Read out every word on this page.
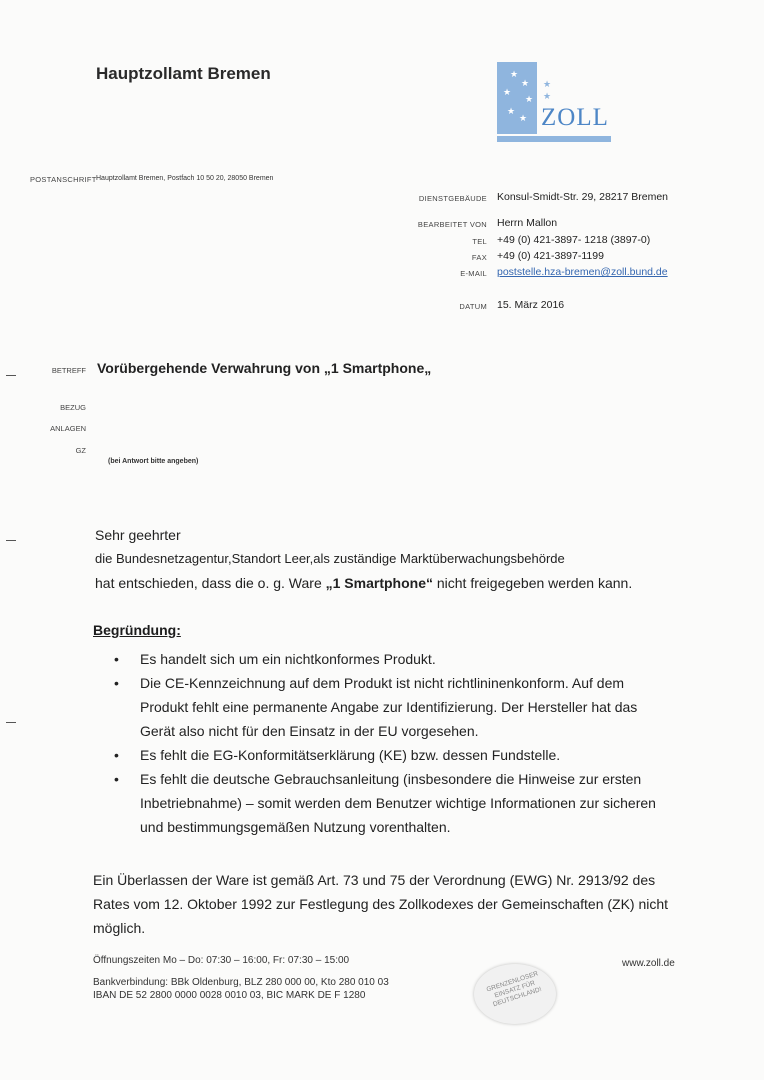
Hauptzollamt Bremen	★
★
★
★
★
★
★
★
ZOLL
POSTANSCHRIFT Hauptzollamt Bremen, Postfach 10 50 20, 28050 Bremen
DIENSTGEBÄUDE Konsul-Smidt-Str. 29, 28217 Bremen
BEARBEITET VON Herrn Mallon
TEL +49 (0) 421-3897- 1218 (3897-0)
FAX +49 (0) 421-3897-1199
E-MAIL poststelle.hza-bremen@zoll.bund.de
DATUM 15. März 2016
BETREFF Vorübergehende Verwahrung von „1 Smartphone„
BEZUG
ANLAGEN
GZ
(bei Antwort bitte angeben)
Sehr geehrter
die Bundesnetzagentur,Standort Leer,als zuständige Marktüberwachungsbehörde
hat entschieden, dass die o. g. Ware „1 Smartphone“ nicht freigegeben werden kann.
Begründung:
• Es handelt sich um ein nichtkonformes Produkt.
• Die CE-Kennzeichnung auf dem Produkt ist nicht richtlininenkonform. Auf dem Produkt fehlt eine permanente Angabe zur Identifizierung. Der Hersteller hat das Gerät also nicht für den Einsatz in der EU vorgesehen.
• Es fehlt die EG-Konformitätserklärung (KE) bzw. dessen Fundstelle.
• Es fehlt die deutsche Gebrauchsanleitung (insbesondere die Hinweise zur ersten Inbetriebnahme) – somit werden dem Benutzer wichtige Informationen zur sicheren und bestimmungsgemäßen Nutzung vorenthalten.
Ein Überlassen der Ware ist gemäß Art. 73 und 75 der Verordnung (EWG) Nr. 2913/92 des Rates vom 12. Oktober 1992 zur Festlegung des Zollkodexes der Gemeinschaften (ZK) nicht möglich.
Öffnungszeiten Mo – Do: 07:30 – 16:00, Fr: 07:30 – 15:00
Bankverbindung: BBk Oldenburg, BLZ 280 000 00, Kto 280 010 03
IBAN DE 52 2800 0000 0028 0010 03, BIC MARK DE F 1280
www.zoll.de
GRENZENLOSER EINSATZ FÜR DEUTSCHLAND!
